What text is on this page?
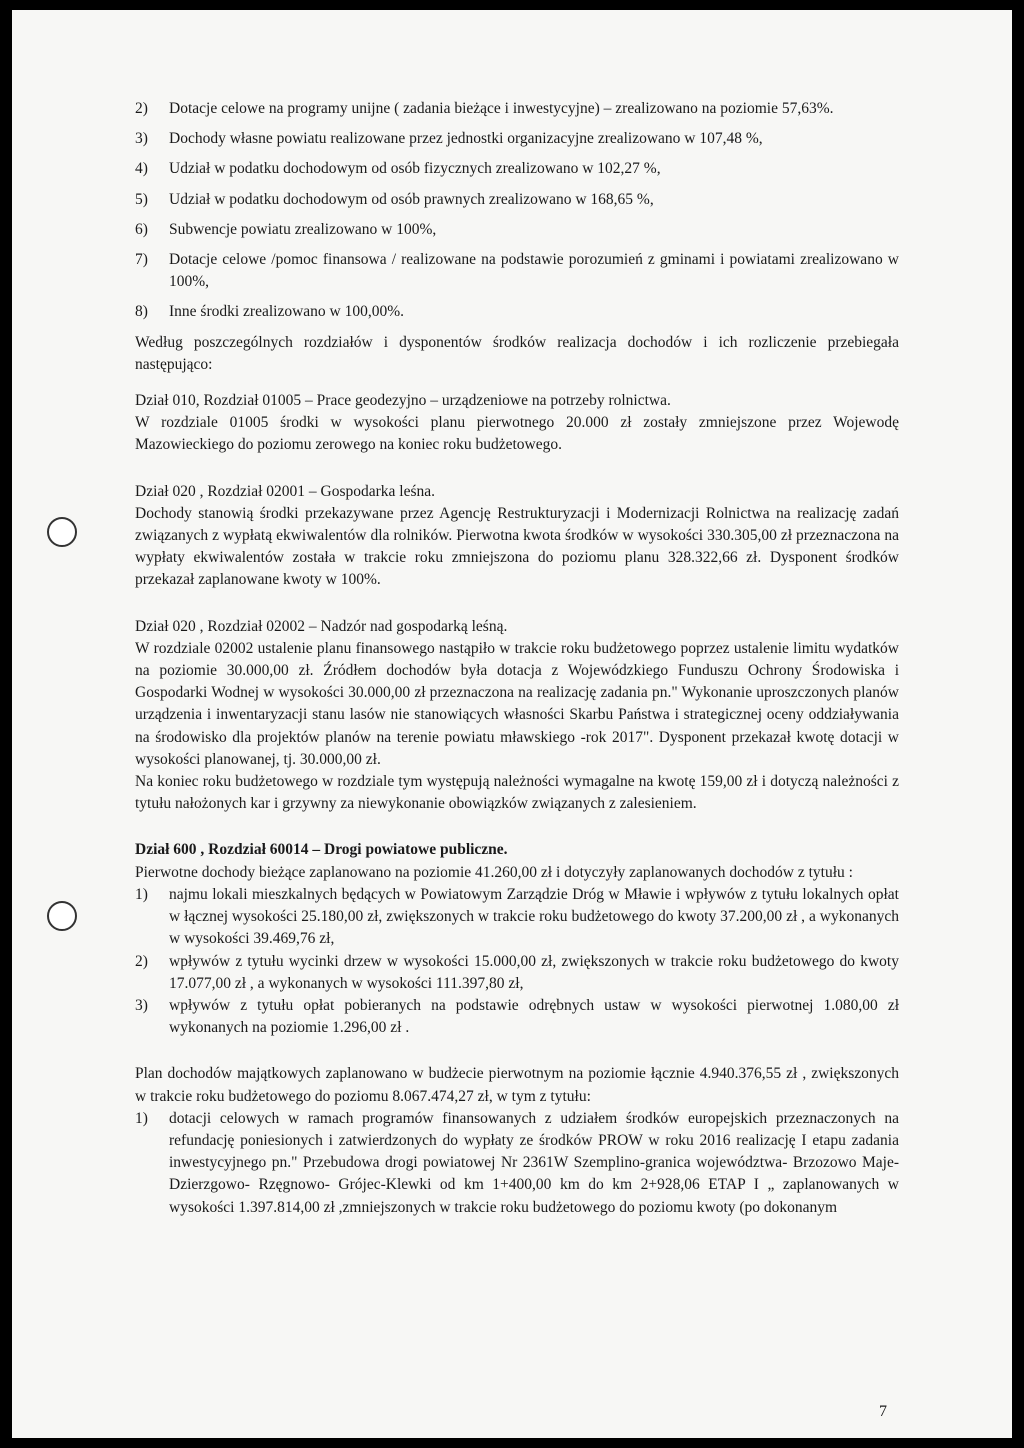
2)	Dotacje celowe na programy unijne ( zadania bieżące i inwestycyjne) – zrealizowano na poziomie 57,63%.
3)	Dochody własne powiatu realizowane przez jednostki organizacyjne zrealizowano w 107,48 %,
4)	Udział w podatku dochodowym od osób fizycznych zrealizowano w 102,27 %,
5)	Udział w podatku dochodowym od osób prawnych zrealizowano w 168,65 %,
6)	Subwencje powiatu zrealizowano w 100%,
7)	Dotacje celowe /pomoc finansowa / realizowane na podstawie porozumień z gminami i powiatami zrealizowano w 100%,
8)	Inne środki zrealizowano w 100,00%.

Według poszczególnych rozdziałów i dysponentów środków realizacja dochodów i ich rozliczenie przebiegała następująco:

Dział 010, Rozdział 01005 – Prace geodezyjno – urządzeniowe na potrzeby rolnictwa.

W rozdziale 01005 środki w wysokości planu pierwotnego 20.000 zł zostały zmniejszone przez Wojewodę Mazowieckiego do poziomu zerowego na koniec roku budżetowego.

Dział 020 , Rozdział 02001 – Gospodarka leśna.

Dochody stanowią środki przekazywane przez Agencję Restrukturyzacji i Modernizacji Rolnictwa na realizację zadań związanych z wypłatą ekwiwalentów dla rolników. Pierwotna kwota środków w wysokości 330.305,00 zł przeznaczona na wypłaty ekwiwalentów została w trakcie roku zmniejszona do poziomu planu 328.322,66 zł. Dysponent środków przekazał zaplanowane kwoty w 100%.

Dział 020 , Rozdział 02002 – Nadzór nad gospodarką leśną.

W rozdziale 02002 ustalenie planu finansowego nastąpiło w trakcie roku budżetowego poprzez ustalenie limitu wydatków na poziomie 30.000,00 zł. Źródłem dochodów była dotacja z Wojewódzkiego Funduszu Ochrony Środowiska i Gospodarki Wodnej w wysokości 30.000,00 zł przeznaczona na realizację zadania pn." Wykonanie uproszczonych planów urządzenia i inwentaryzacji stanu lasów nie stanowiących własności Skarbu Państwa i strategicznej oceny oddziaływania na środowisko dla projektów planów na terenie powiatu mławskiego -rok 2017". Dysponent przekazał kwotę dotacji w wysokości planowanej, tj. 30.000,00 zł.

Na koniec roku budżetowego w rozdziale tym występują należności wymagalne na kwotę 159,00 zł i dotyczą należności z tytułu nałożonych kar i grzywny za niewykonanie obowiązków związanych z zalesieniem.

Dział 600 , Rozdział 60014 – Drogi powiatowe publiczne.

Pierwotne dochody bieżące zaplanowano na poziomie 41.260,00 zł i dotyczyły zaplanowanych dochodów z tytułu :

1)	najmu lokali mieszkalnych będących w Powiatowym Zarządzie Dróg w Mławie i wpływów z tytułu lokalnych opłat w łącznej wysokości 25.180,00 zł, zwiększonych w trakcie roku budżetowego do kwoty 37.200,00 zł , a wykonanych w wysokości 39.469,76 zł,
2)	wpływów z tytułu wycinki drzew w wysokości 15.000,00 zł, zwiększonych w trakcie roku budżetowego do kwoty 17.077,00 zł , a wykonanych w wysokości 111.397,80 zł,
3)	wpływów z tytułu opłat pobieranych na podstawie odrębnych ustaw w wysokości pierwotnej 1.080,00 zł wykonanych na poziomie 1.296,00 zł .

Plan dochodów majątkowych zaplanowano w budżecie pierwotnym na poziomie łącznie 4.940.376,55 zł , zwiększonych w trakcie roku budżetowego do poziomu 8.067.474,27 zł, w tym z tytułu:

1)	dotacji celowych w ramach programów finansowanych z udziałem środków europejskich przeznaczonych na refundację poniesionych i zatwierdzonych do wypłaty ze środków PROW w roku 2016 realizację I etapu zadania inwestycyjnego pn." Przebudowa drogi powiatowej Nr 2361W Szemplino-granica województwa- Brzozowo Maje-Dzierzgowo- Rzęgnowo- Grójec-Klewki od km 1+400,00 km do km 2+928,06 ETAP I „ zaplanowanych w wysokości 1.397.814,00 zł ,zmniejszonych w trakcie roku budżetowego do poziomu kwoty (po dokonanym
7
